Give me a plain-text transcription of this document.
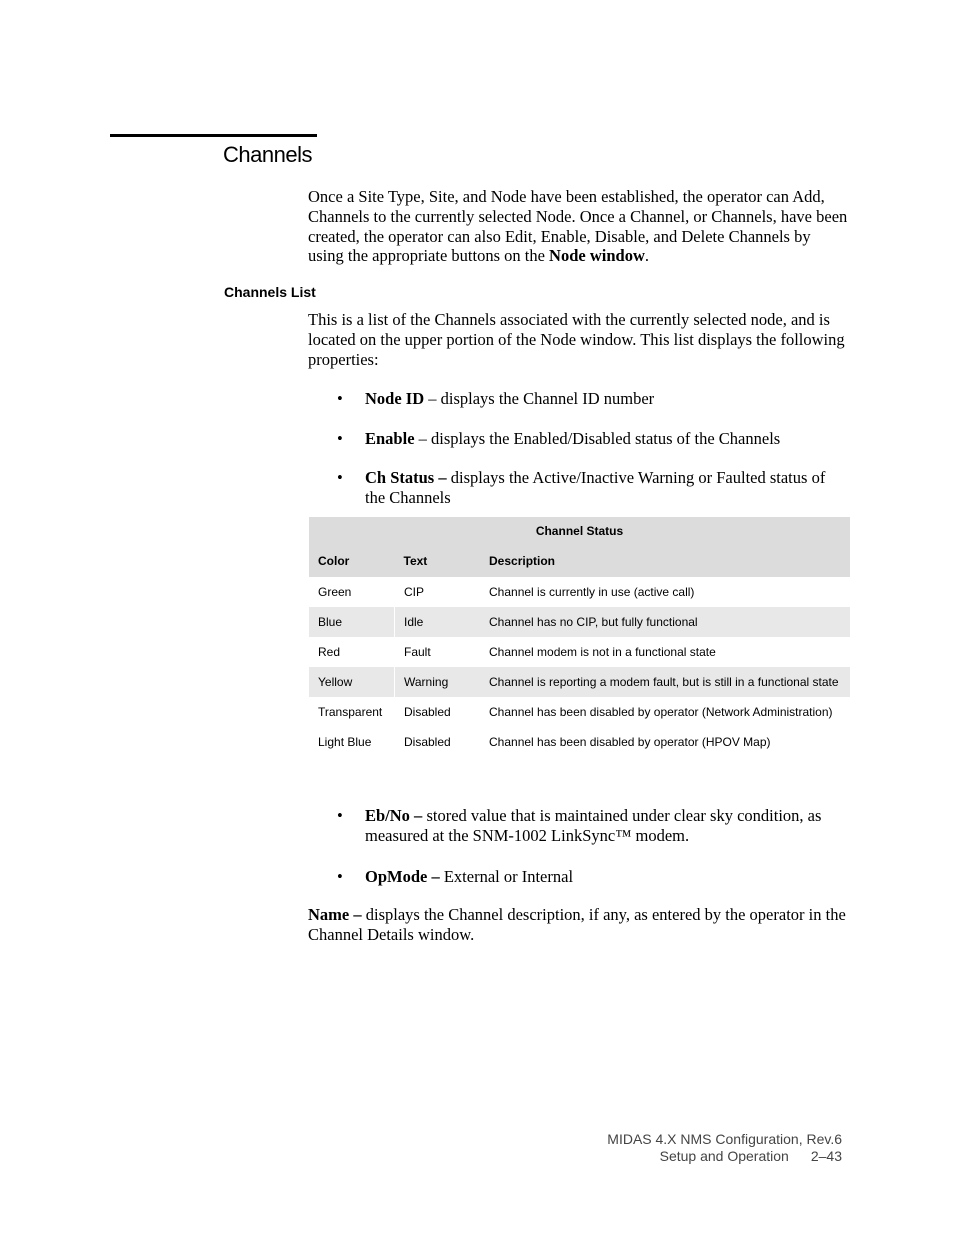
Channels
Once a Site Type, Site, and Node have been established, the operator can Add, Channels to the currently selected Node. Once a Channel, or Channels, have been created, the operator can also Edit, Enable, Disable, and Delete Channels by using the appropriate buttons on the Node window.
Channels List
This is a list of the Channels associated with the currently selected node, and is located on the upper portion of the Node window. This list displays the following properties:
• Node ID – displays the Channel ID number
• Enable – displays the Enabled/Disabled status of the Channels
• Ch Status – displays the Active/Inactive Warning or Faulted status of the Channels
Channel Status		
Color	Text	Description
Green	CIP	Channel is currently in use (active call)
Blue	Idle	Channel has no CIP, but fully functional
Red	Fault	Channel modem is not in a functional state
Yellow	Warning	Channel is reporting a modem fault, but is still in a functional state
Transparent	Disabled	Channel has been disabled by operator (Network Administration)
Light Blue	Disabled	Channel has been disabled by operator (HPOV Map)
• Eb/No – stored value that is maintained under clear sky condition, as measured at the SNM-1002 LinkSync™ modem.
• OpMode – External or Internal
Name – displays the Channel description, if any, as entered by the operator in the Channel Details window.
MIDAS 4.X NMS Configuration, Rev.6
Setup and Operation 2–43
